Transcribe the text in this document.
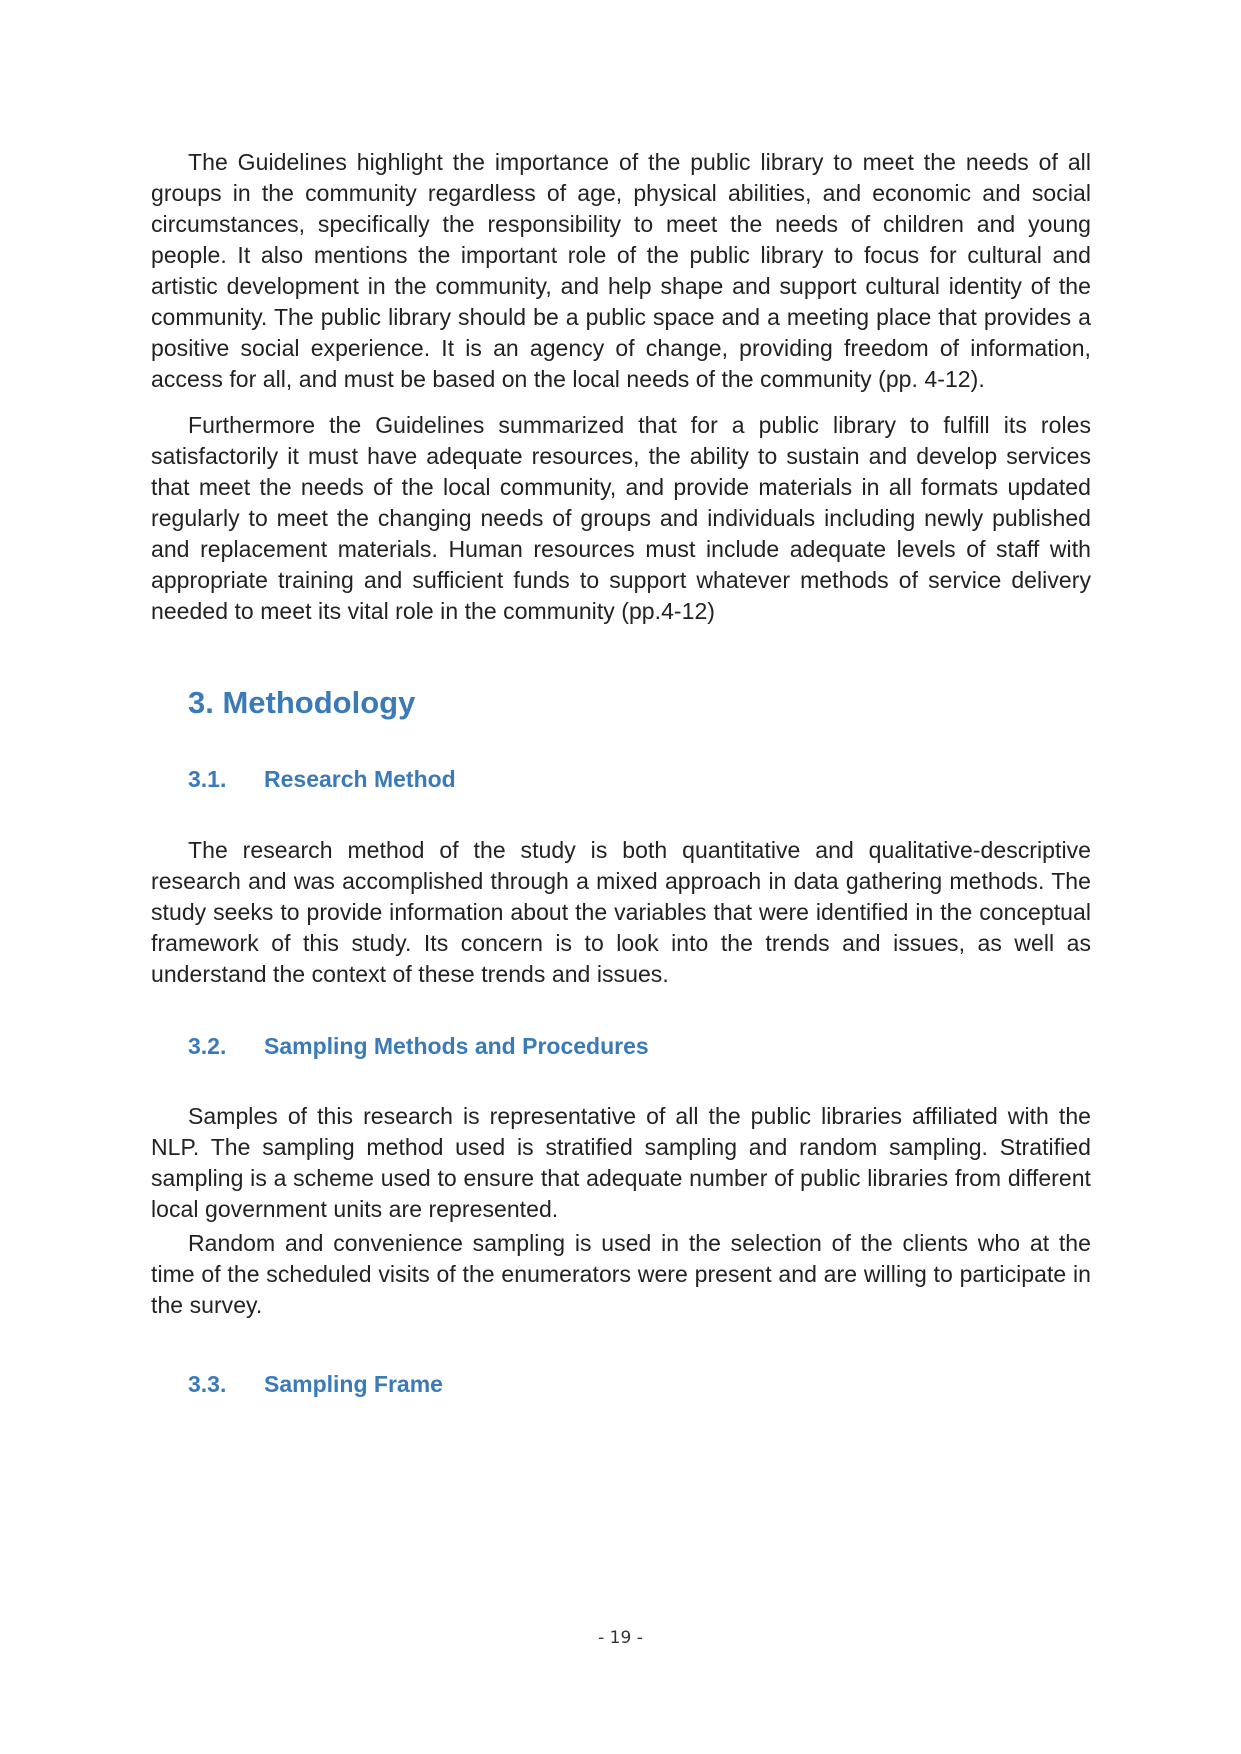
The Guidelines highlight the importance of the public library to meet the needs of all groups in the community regardless of age, physical abilities, and economic and social circumstances, specifically the responsibility to meet the needs of children and young people. It also mentions the important role of the public library to focus for cultural and artistic development in the community, and help shape and support cultural identity of the community. The public library should be a public space and a meeting place that provides a positive social experience. It is an agency of change, providing freedom of information, access for all, and must be based on the local needs of the community (pp. 4-12).

Furthermore the Guidelines summarized that for a public library to fulfill its roles satisfactorily it must have adequate resources, the ability to sustain and develop services that meet the needs of the local community, and provide materials in all formats updated regularly to meet the changing needs of groups and individuals including newly published and replacement materials. Human resources must include adequate levels of staff with appropriate training and sufficient funds to support whatever methods of service delivery needed to meet its vital role in the community (pp.4-12)

3. Methodology
3.1. Research Method

The research method of the study is both quantitative and qualitative-descriptive research and was accomplished through a mixed approach in data gathering methods. The study seeks to provide information about the variables that were identified in the conceptual framework of this study. Its concern is to look into the trends and issues, as well as understand the context of these trends and issues.

3.2. Sampling Methods and Procedures

Samples of this research is representative of all the public libraries affiliated with the NLP. The sampling method used is stratified sampling and random sampling. Stratified sampling is a scheme used to ensure that adequate number of public libraries from different local government units are represented.

Random and convenience sampling is used in the selection of the clients who at the time of the scheduled visits of the enumerators were present and are willing to participate in the survey.

3.3. Sampling Frame
- 19 -
